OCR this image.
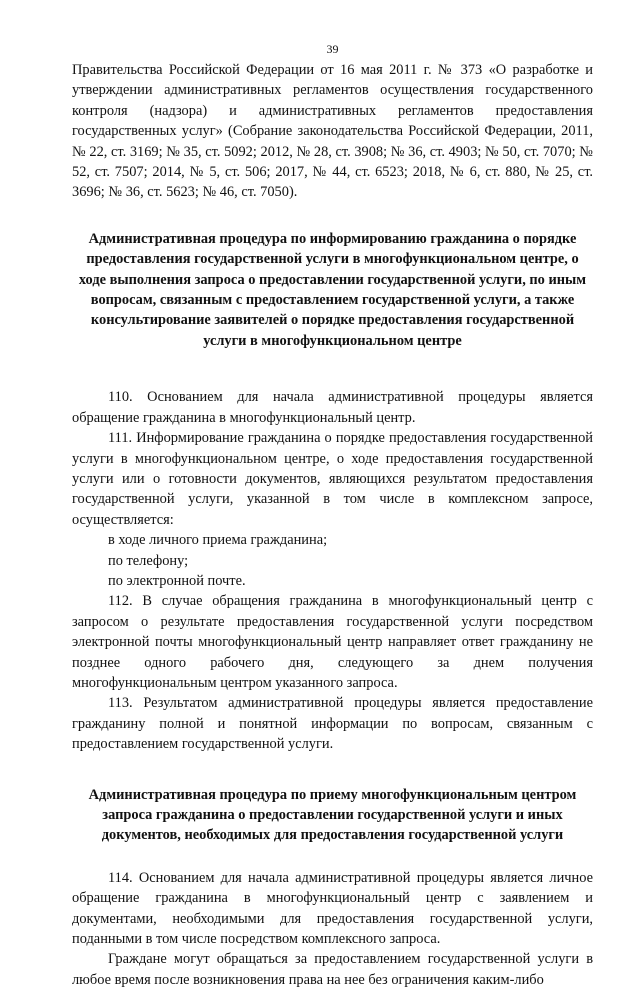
39

Правительства Российской Федерации от 16 мая 2011 г. № 373 «О разработке и утверждении административных регламентов осуществления государственного контроля (надзора) и административных регламентов предоставления государственных услуг» (Собрание законодательства Российской Федерации, 2011, № 22, ст. 3169; № 35, ст. 5092; 2012, № 28, ст. 3908; № 36, ст. 4903; № 50, ст. 7070; № 52, ст. 7507; 2014, № 5, ст. 506; 2017, № 44, ст. 6523; 2018, № 6, ст. 880, № 25, ст. 3696; № 36, ст. 5623; № 46, ст. 7050).

Административная процедура по информированию гражданина о порядке предоставления государственной услуги в многофункциональном центре, о ходе выполнения запроса о предоставлении государственной услуги, по иным вопросам, связанным с предоставлением государственной услуги, а также консультирование заявителей о порядке предоставления государственной услуги в многофункциональном центре

110. Основанием для начала административной процедуры является обращение гражданина в многофункциональный центр.

111. Информирование гражданина о порядке предоставления государственной услуги в многофункциональном центре, о ходе предоставления государственной услуги или о готовности документов, являющихся результатом предоставления государственной услуги, указанной в том числе в комплексном запросе, осуществляется:

в ходе личного приема гражданина;

по телефону;

по электронной почте.

112. В случае обращения гражданина в многофункциональный центр с запросом о результате предоставления государственной услуги посредством электронной почты многофункциональный центр направляет ответ гражданину не позднее одного рабочего дня, следующего за днем получения многофункциональным центром указанного запроса.

113. Результатом административной процедуры является предоставление гражданину полной и понятной информации по вопросам, связанным с предоставлением государственной услуги.

Административная процедура по приему многофункциональным центром запроса гражданина о предоставлении государственной услуги и иных документов, необходимых для предоставления государственной услуги

114. Основанием для начала административной процедуры является личное обращение гражданина в многофункциональный центр с заявлением и документами, необходимыми для предоставления государственной услуги, поданными в том числе посредством комплексного запроса.

Граждане могут обращаться за предоставлением государственной услуги в любое время после возникновения права на нее без ограничения каким-либо
